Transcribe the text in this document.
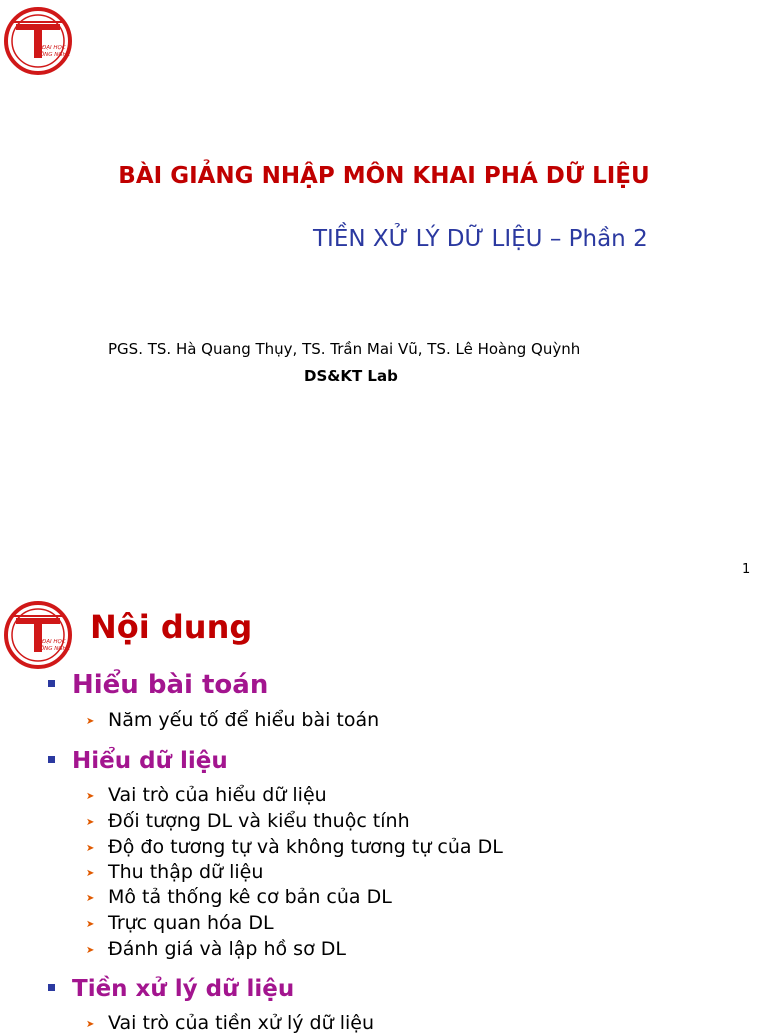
ĐẠI HỌC
CÔNG NGHỆ
BÀI GIẢNG NHẬP MÔN KHAI PHÁ DỮ LIỆU
TIỀN XỬ LÝ DỮ LIỆU – Phần 2
PGS. TS. Hà Quang Thụy, TS. Trần Mai Vũ, TS. Lê Hoàng Quỳnh
DS&KT Lab
1
ĐẠI HỌC
CÔNG NGHỆ
Nội dung
Hiểu bài toán
➤ Năm yếu tố để hiểu bài toán
Hiểu dữ liệu
➤ Vai trò của hiểu dữ liệu
➤ Đối tượng DL và kiểu thuộc tính
➤ Độ đo tương tự và không tương tự của DL
➤ Thu thập dữ liệu
➤ Mô tả thống kê cơ bản của DL
➤ Trực quan hóa DL
➤ Đánh giá và lập hồ sơ DL
Tiền xử lý dữ liệu
➤ Vai trò của tiền xử lý dữ liệu
